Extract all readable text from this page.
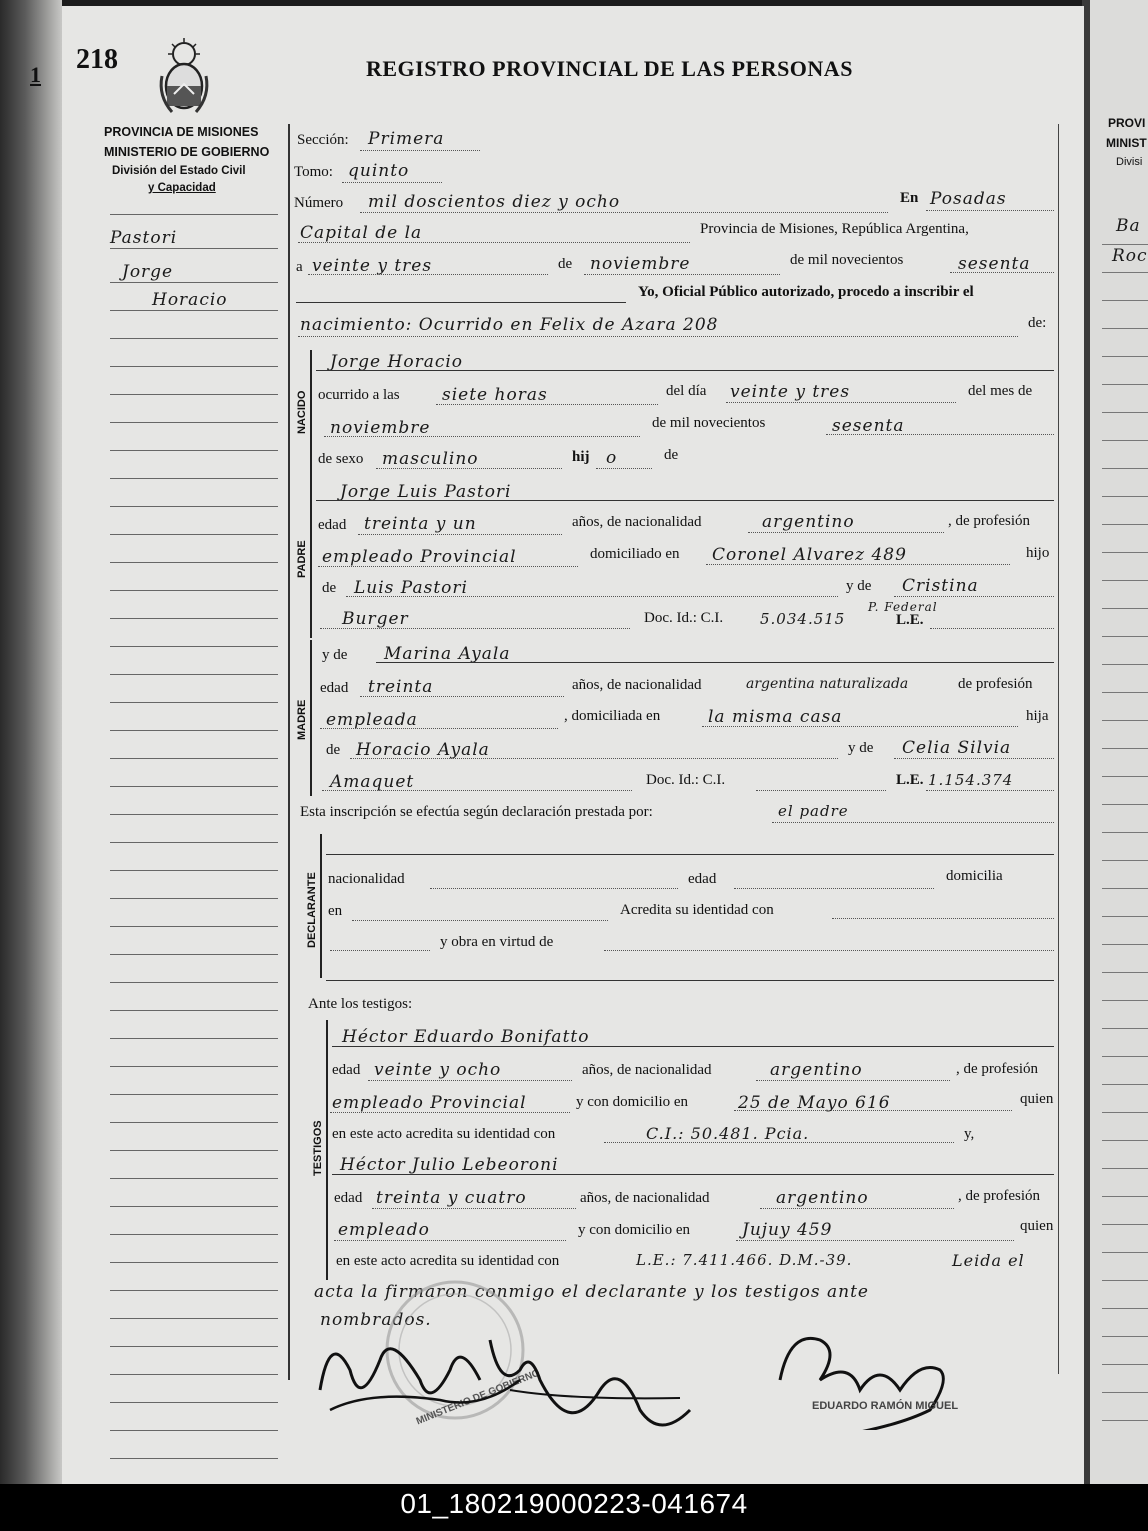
PROVI
MINIST
Divisi
Ba
Roc
218
1	REGISTRO PROVINCIAL DE LAS PERSONAS
PROVINCIA DE MISIONES
MINISTERIO DE GOBIERNO
División del Estado Civil
y Capacidad
Pastori
Jorge
Horacio
Sección: Primera
Tomo: quinto
Número mil doscientos diez y ocho	En Posadas
Capital de la	Provincia de Misiones, República Argentina,
a veinte y tres	de noviembre	de mil novecientos	sesenta
Yo, Oficial Público autorizado, procedo a inscribir el
nacimiento: Ocurrido en Felix de Azara 208	de:
NACIDO
Jorge Horacio
ocurrido a las siete horas	del día veinte y tres	del mes de
noviembre	de mil novecientos	sesenta
de sexo masculino	hij o	de
PADRE
Jorge Luis Pastori
edad treinta y un	años, de nacionalidad	argentino	, de profesión
empleado Provincial	domiciliado en Coronel Alvarez 489	hijo
de Luis Pastori	y de Cristina
Burger	Doc. Id.: C.I. 5.034.515
P. Federal
L.E.
MADRE
y de Marina Ayala
edad treinta	años, de nacionalidad	argentina naturalizada	de profesión
empleada	, domiciliada en	la misma casa	hija
de Horacio Ayala	y de Celia Silvia
Amaquet	Doc. Id.: C.I.	L.E. 1.154.374
Esta inscripción se efectúa según declaración prestada por:	el padre
DECLARANTE nacionalidad	edad	domicilia
en	Acredita su identidad con
y obra en virtud de
Ante los testigos:
TESTIGOS
Héctor Eduardo Bonifatto
edad veinte y ocho	años, de nacionalidad	argentino	, de profesión
empleado Provincial	y con domicilio en	25 de Mayo 616	quien
en este acto acredita su identidad con	C.I.: 50.481. Pcia.	y,
Héctor Julio Lebeoroni
edad treinta y cuatro	años, de nacionalidad	argentino	, de profesión
empleado	y con domicilio en	Jujuy 459	quien
en este acto acredita su identidad con	L.E.: 7.411.466. D.M.-39.	Leida el
acta la firmaron conmigo el declarante y los testigos ante
nombrados.
MINISTERIO DE GOBIERNO	EDUARDO RAMÓN MIGUEL
01_180219000223-041674
